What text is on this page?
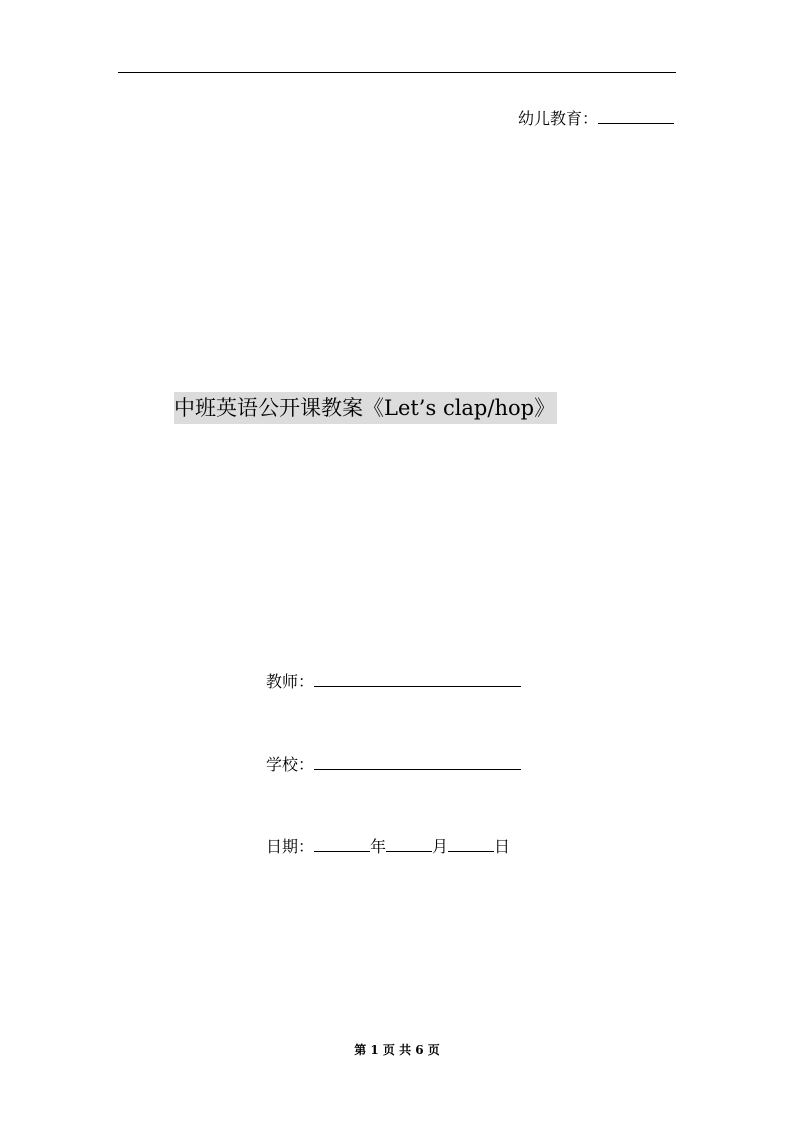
幼儿教育：
中班英语公开课教案《Let’s clap/hop》
教师：
学校：
日期：	年	月	日
第 1 页 共 6 页
